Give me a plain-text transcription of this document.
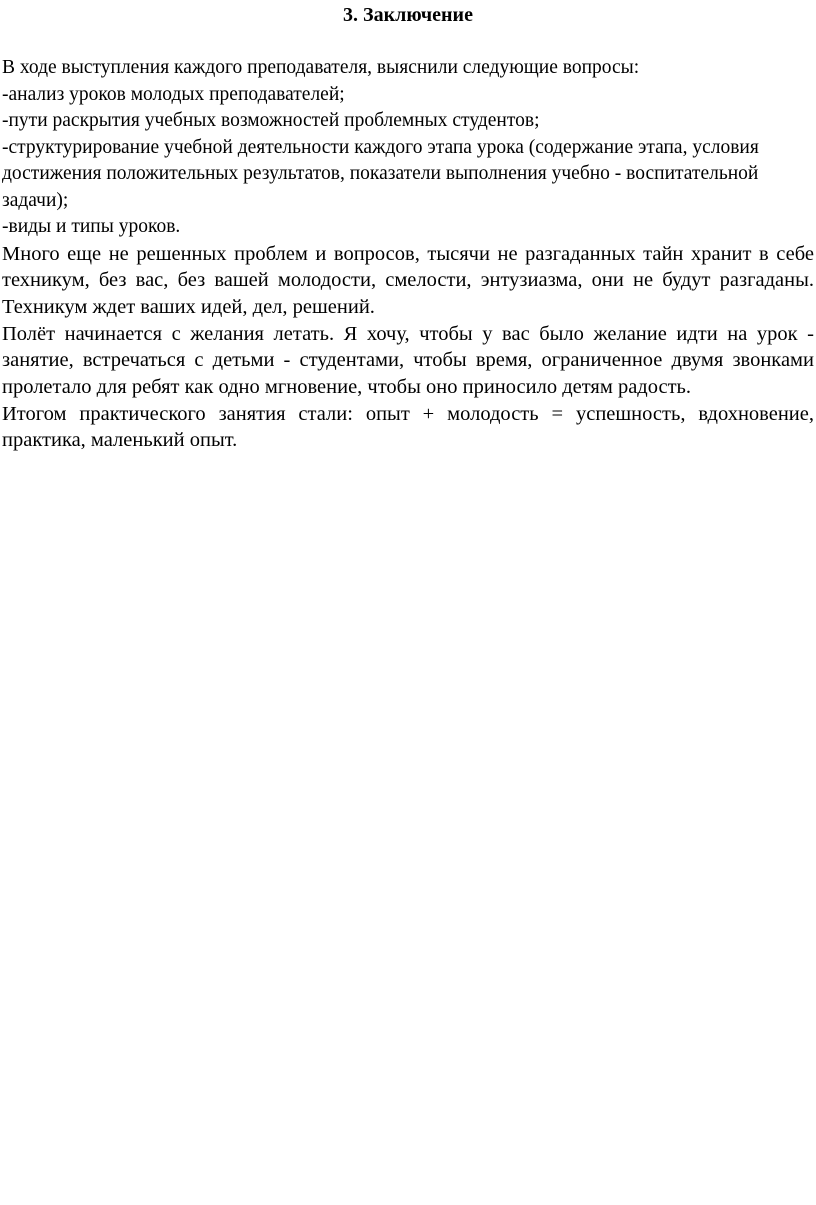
3. Заключение

В ходе выступления каждого преподавателя, выяснили следующие вопросы:

-анализ уроков молодых преподавателей;

-пути раскрытия учебных возможностей проблемных студентов;

-структурирование учебной деятельности каждого этапа урока (содержание этапа, условия достижения положительных результатов, показатели выполнения учебно - воспитательной задачи);

-виды и типы уроков.

Много еще не решенных проблем и вопросов, тысячи не разгаданных тайн хранит в себе техникум, без вас, без вашей молодости, смелости, энтузиазма, они не будут разгаданы. Техникум ждет ваших идей, дел, решений.

Полёт начинается с желания летать. Я хочу, чтобы у вас было желание идти на урок - занятие, встречаться с детьми - студентами, чтобы время, ограниченное двумя звонками пролетало для ребят как одно мгновение, чтобы оно приносило детям радость.

Итогом практического занятия стали: опыт + молодость = успешность, вдохновение, практика, маленький опыт.
